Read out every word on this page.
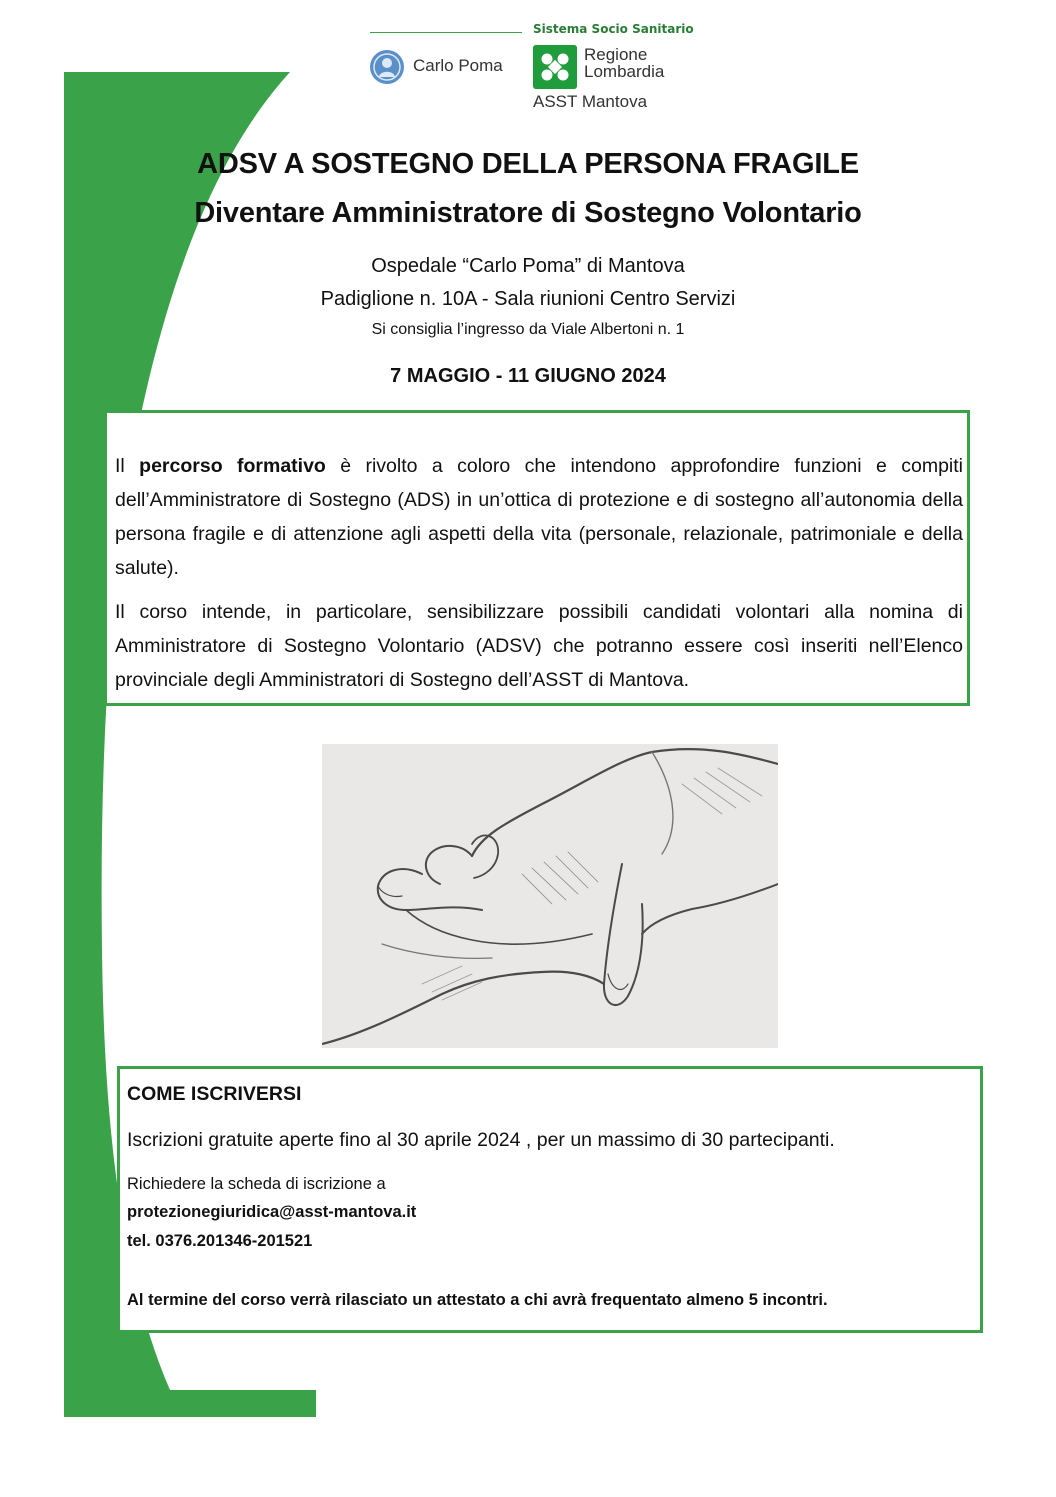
Sistema Socio Sanitario
Carlo Poma
Regione
Lombardia
ASST Mantova
ADSV A SOSTEGNO DELLA PERSONA FRAGILE
Diventare Amministratore di Sostegno Volontario
Ospedale “Carlo Poma” di Mantova
Padiglione n. 10A - Sala riunioni Centro Servizi
Si consiglia l’ingresso da Viale Albertoni n. 1
7 MAGGIO - 11 GIUGNO 2024

Il percorso formativo è rivolto a coloro che intendono approfondire funzioni e compiti dell’Amministratore di Sostegno (ADS) in un’ottica di protezione e di sostegno all’autonomia della persona fragile e di attenzione agli aspetti della vita (personale, relazionale, patrimoniale e della salute).

Il corso intende, in particolare, sensibilizzare possibili candidati volontari alla nomina di Amministratore di Sostegno Volontario (ADSV) che potranno essere così inseriti nell’Elenco provinciale degli Amministratori di Sostegno dell’ASST di Mantova.

COME ISCRIVERSI
Iscrizioni gratuite aperte fino al 30 aprile 2024 , per un massimo di 30 partecipanti.
Richiedere la scheda di iscrizione a
protezionegiuridica@asst-mantova.it
tel. 0376.201346-201521
Al termine del corso verrà rilasciato un attestato a chi avrà frequentato almeno 5 incontri.
